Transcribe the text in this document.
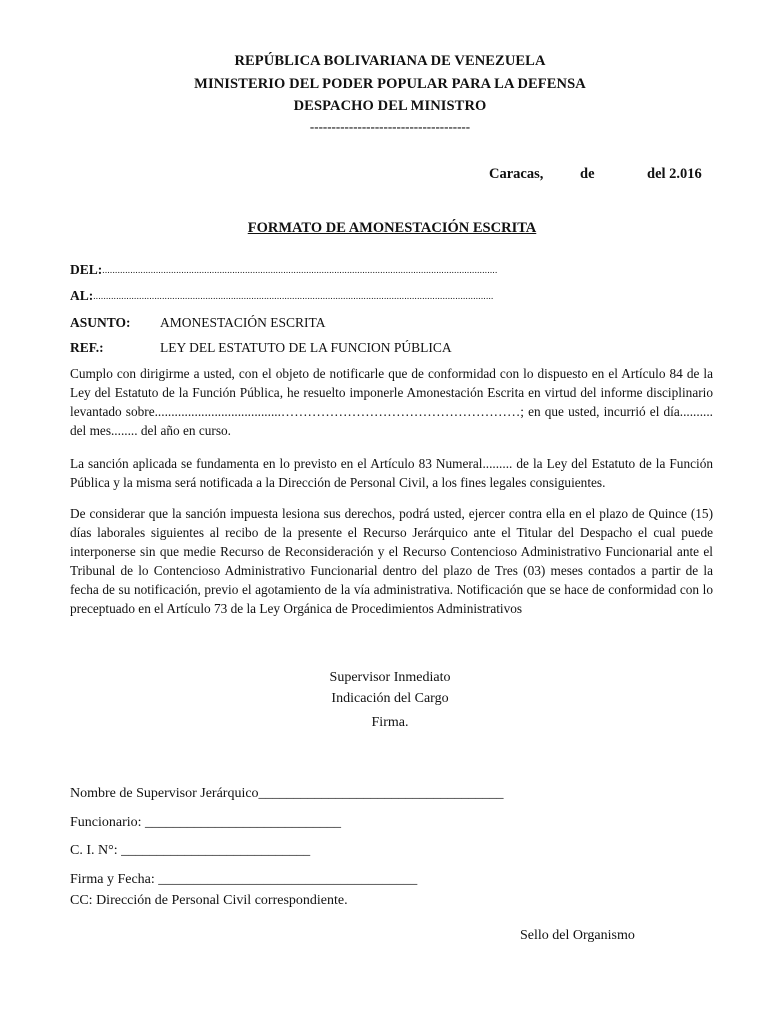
REPÚBLICA BOLIVARIANA DE VENEZUELA
MINISTERIO DEL PODER POPULAR PARA LA DEFENSA
DESPACHO DEL MINISTRO
-------------------------------------
Caracas,	de	del 2.016
FORMATO DE AMONESTACIÓN ESCRITA
DEL:...........................................................................................................................................................
AL:.............................................................................................................................................................
ASUNTO: AMONESTACIÓN ESCRITA
REF.:	LEY DEL ESTATUTO DE LA FUNCION PÚBLICA

Cumplo con dirigirme a usted, con el objeto de notificarle que de conformidad con lo dispuesto en el Artículo 84 de la Ley del Estatuto de la Función Pública, he resuelto imponerle Amonestación Escrita en virtud del informe disciplinario levantado sobre......................................………………………………………………; en que usted, incurrió el día.......... del mes........ del año en curso.

La sanción aplicada se fundamenta en lo previsto en el Artículo 83 Numeral......... de la Ley del Estatuto de la Función Pública y la misma será notificada a la Dirección de Personal Civil, a los fines legales consiguientes.

De considerar que la sanción impuesta lesiona sus derechos, podrá usted, ejercer contra ella en el plazo de Quince (15) días laborales siguientes al recibo de la presente el Recurso Jerárquico ante el Titular del Despacho el cual puede interponerse sin que medie Recurso de Reconsideración y el Recurso Contencioso Administrativo Funcionarial ante el Tribunal de lo Contencioso Administrativo Funcionarial dentro del plazo de Tres (03) meses contados a partir de la fecha de su notificación, previo el agotamiento de la vía administrativa. Notificación que se hace de conformidad con lo preceptuado en el Artículo 73 de la Ley Orgánica de Procedimientos Administrativos

Supervisor Inmediato
Indicación del Cargo
Firma.
Nombre de Supervisor Jerárquico___________________________________
Funcionario: ____________________________
C. I. N°: ___________________________
Firma y Fecha: _____________________________________
CC: Dirección de Personal Civil correspondiente.
Sello del Organismo
